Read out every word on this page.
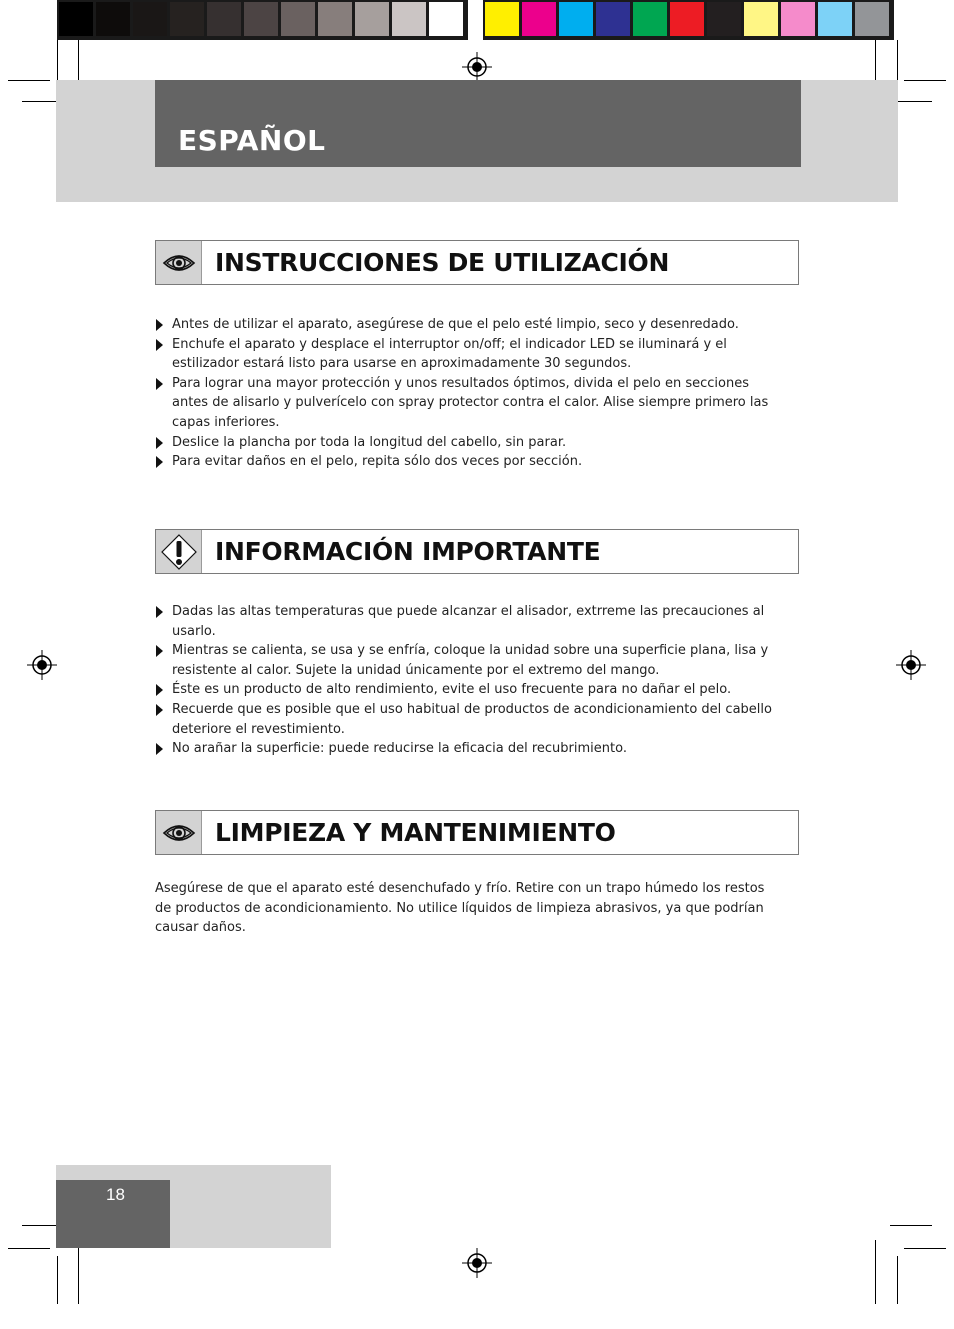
ESPAÑOL
INSTRUCCIONES DE UTILIZACIÓN
Antes de utilizar el aparato, asegúrese de que el pelo esté limpio, seco y desenredado.
Enchufe el aparato y desplace el interruptor on/off; el indicador LED se iluminará y el estilizador estará listo para usarse en aproximadamente 30 segundos.
Para lograr una mayor protección y unos resultados óptimos, divida el pelo en secciones antes de alisarlo y pulverícelo con spray protector contra el calor. Alise siempre primero las capas inferiores.
Deslice la plancha por toda la longitud del cabello, sin parar.
Para evitar daños en el pelo, repita sólo dos veces por sección.
INFORMACIÓN IMPORTANTE
Dadas las altas temperaturas que puede alcanzar el alisador, extrreme las precauciones al usarlo.
Mientras se calienta, se usa y se enfría, coloque la unidad sobre una superficie plana, lisa y resistente al calor. Sujete la unidad únicamente por el extremo del mango.
Éste es un producto de alto rendimiento, evite el uso frecuente para no dañar el pelo.
Recuerde que es posible que el uso habitual de productos de acondicionamiento del cabello deteriore el revestimiento.
No arañar la superficie: puede reducirse la eficacia del recubrimiento.
LIMPIEZA Y MANTENIMIENTO

Asegúrese de que el aparato esté desenchufado y frío. Retire con un trapo húmedo los restos de productos de acondicionamiento. No utilice líquidos de limpieza abrasivos, ya que podrían causar daños.

18
